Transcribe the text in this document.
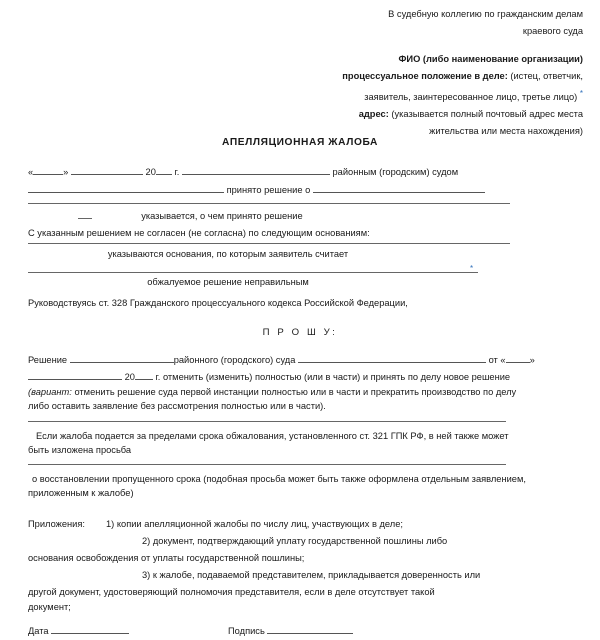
В судебную коллегию по гражданским делам
краевого суда
ФИО (либо наименование организации)
процессуальное положение в деле: (истец, ответчик,
заявитель, заинтересованное лицо, третье лицо) *
адрес: (указывается полный почтовый адрес места
жительства или места нахождения)
АПЕЛЛЯЦИОННАЯ ЖАЛОБА
«	»	20 г.	районным (городским) судом
принято решение о
указывается, о чем принято решение
С указанным решением не согласен (не согласна) по следующим основаниям:
указываются основания, по которым заявитель считает
*
обжалуемое решение неправильным
Руководствуясь ст. 328 Гражданского процессуального кодекса Российской Федерации,
П Р О Ш У:
Решение	районного (городского) суда	от «	»
20 г. отменить (изменить) полностью (или в части) и принять по делу новое решение
(вариант: отменить решение суда первой инстанции полностью или в части и прекратить производство по делу
либо оставить заявление без рассмотрения полностью или в части).
Если жалоба подается за пределами срока обжалования, установленного ст. 321 ГПК РФ, в ней также может
быть изложена просьба
о восстановлении пропущенного срока (подобная просьба может быть также оформлена отдельным заявлением,
приложенным к жалобе)
Приложения: 1) копии апелляционной жалобы по числу лиц, участвующих в деле;
2) документ, подтверждающий уплату государственной пошлины либо
основания освобождения от уплаты государственной пошлины;
3) к жалобе, подаваемой представителем, прикладывается доверенность или
другой документ, удостоверяющий полномочия представителя, если в деле отсутствует такой
документ;
Дата	Подпись
